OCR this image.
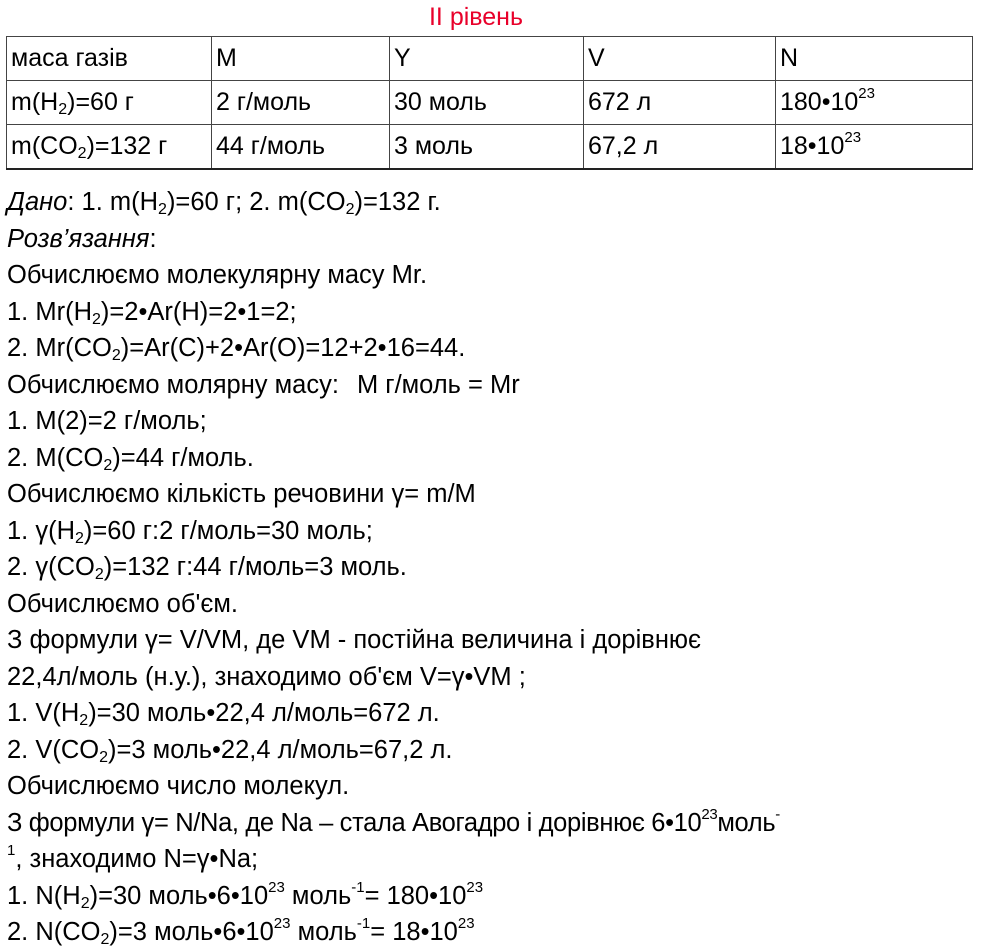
ІІ рівень
маса газів	M	Y	V	N
$m(H_2)=60$ г	2 г/моль	30 моль	672 л	$180•10^{23}$
$m(CO_2)=132$ г	44 г/моль	3 моль	67,2 л	$18•10^{23}$
Дано: 1. $m(H_2)=60$ г; 2. $m(CO_2)=132$ г.
Розв’язання:
Обчислюємо молекулярну масу Mr.
1. $Mr(H_2)=2•Ar(H)=2•1=2$;
2. $Mr(CO_2)=Ar(C)+2•Ar(O)=12+2•16=44$.
Обчислюємо молярну масу: M г/моль = Mr
1. M(2)=2 г/моль;
2. $M(CO_2)=44$ г/моль.
Обчислюємо кількість речовини γ= m/M
1. $\gamma(H_2)=60$ г:2 г/моль=30 моль;
2. $\gamma(CO_2)=132$ г:44 г/моль=3 моль.
Обчислюємо об'єм.
З формули γ= V/VM, де VM - постійна величина і дорівнює
22,4л/моль (н.у.), знаходимо об'єм V=γ•VM ;
1. $V(H_2)=30$ моль•22,4 л/моль=672 л.
2. $V(CO_2)=3$ моль•22,4 л/моль=67,2 л.
Обчислюємо число молекул.
З формули γ= N/Na, де Na – стала Авогадро і дорівнює $6•10^{23}моль^-$
$^1$, знаходимо N=γ•Na;
1. $N(H_2)=30$ $моль•6•10^{23}$ моль$^{-1}$= $180•10^{23}$
2. $N(CO_2)=3$ $моль•6•10^{23}$ моль$^{-1}$= $18•10^{23}$
